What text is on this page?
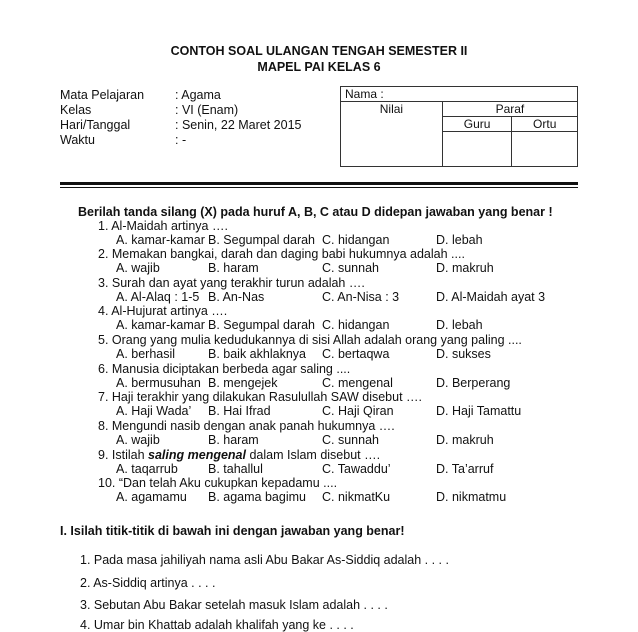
CONTOH SOAL ULANGAN TENGAH SEMESTER II
MAPEL PAI KELAS 6
Mata Pelajaran : Agama
Kelas	: VI (Enam)
Hari/Tanggal	: Senin, 22 Maret 2015
Waktu	: -
Nama :		
Nilai	Paraf	
	Guru	Ortu

Berilah tanda silang (X) pada huruf A, B, C atau D didepan jawaban yang benar !
1. Al-Maidah artinya ….
A. kamar-kamar B. Segumpal darah C. hidangan	D. lebah
2. Memakan bangkai, darah dan daging babi hukumnya adalah ....
A. wajib	B. haram	C. sunnah	D. makruh
3. Surah dan ayat yang terakhir turun adalah ….
A. Al-Alaq : 1-5 B. An-Nas	C. An-Nisa : 3	D. Al-Maidah ayat 3
4. Al-Hujurat artinya ….
A. kamar-kamar B. Segumpal darah C. hidangan	D. lebah
5. Orang yang mulia kedudukannya di sisi Allah adalah orang yang paling ....
A. berhasil	B. baik akhlaknya C. bertaqwa	D. sukses
6. Manusia diciptakan berbeda agar saling ....
A. bermusuhan B. mengejek	C. mengenal	D. Berperang
7. Haji terakhir yang dilakukan Rasulullah SAW disebut ….
A. Haji Wada’ B. Hai Ifrad	C. Haji Qiran	D. Haji Tamattu
8. Mengundi nasib dengan anak panah hukumnya ….
A. wajib	B. haram	C. sunnah	D. makruh
9. Istilah saling mengenal dalam Islam disebut ….
A. taqarrub B. tahallul	C. Tawaddu’	D. Ta’arruf
10. “Dan telah Aku cukupkan kepadamu ....
A. agamamu B. agama bagimu C. nikmatKu	D. nikmatmu
I. Isilah titik-titik di bawah ini dengan jawaban yang benar!
1. Pada masa jahiliyah nama asli Abu Bakar As-Siddiq adalah . . . .
2. As-Siddiq artinya . . . .
3. Sebutan Abu Bakar setelah masuk Islam adalah . . . .
4. Umar bin Khattab adalah khalifah yang ke . . . .
